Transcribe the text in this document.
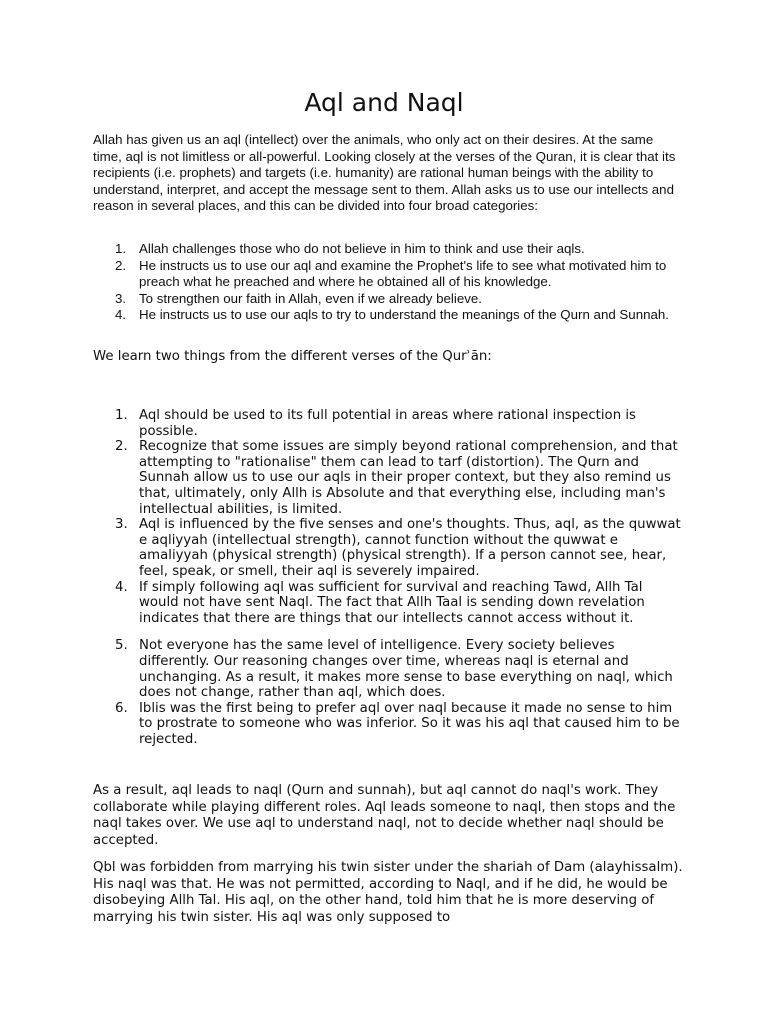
Aql and Naql

Allah has given us an aql (intellect) over the animals, who only act on their desires. At the same time, aql is not limitless or all-powerful. Looking closely at the verses of the Quran, it is clear that its recipients (i.e. prophets) and targets (i.e. humanity) are rational human beings with the ability to understand, interpret, and accept the message sent to them. Allah asks us to use our intellects and reason in several places, and this can be divided into four broad categories:

1. Allah challenges those who do not believe in him to think and use their aqls.
2. He instructs us to use our aql and examine the Prophet's life to see what motivated him to preach what he preached and where he obtained all of his knowledge.
3. To strengthen our faith in Allah, even if we already believe.
4. He instructs us to use our aqls to try to understand the meanings of the Qurn and Sunnah.

We learn two things from the different verses of the Qurʾān:

1. Aql should be used to its full potential in areas where rational inspection is possible.
2. Recognize that some issues are simply beyond rational comprehension, and that attempting to "rationalise" them can lead to tarf (distortion). The Qurn and Sunnah allow us to use our aqls in their proper context, but they also remind us that, ultimately, only Allh is Absolute and that everything else, including man's intellectual abilities, is limited.
3. Aql is influenced by the five senses and one's thoughts. Thus, aql, as the quwwat e aqliyyah (intellectual strength), cannot function without the quwwat e amaliyyah (physical strength) (physical strength). If a person cannot see, hear, feel, speak, or smell, their aql is severely impaired.
4. If simply following aql was sufficient for survival and reaching Tawd, Allh Tal would not have sent Naql. The fact that Allh Taal is sending down revelation indicates that there are things that our intellects cannot access without it.
5. Not everyone has the same level of intelligence. Every society believes differently. Our reasoning changes over time, whereas naql is eternal and unchanging. As a result, it makes more sense to base everything on naql, which does not change, rather than aql, which does.
6. Iblis was the first being to prefer aql over naql because it made no sense to him to prostrate to someone who was inferior. So it was his aql that caused him to be rejected.

As a result, aql leads to naql (Qurn and sunnah), but aql cannot do naql's work. They collaborate while playing different roles. Aql leads someone to naql, then stops and the naql takes over. We use aql to understand naql, not to decide whether naql should be accepted.

Qbl was forbidden from marrying his twin sister under the shariah of Dam (alayhissalm). His naql was that. He was not permitted, according to Naql, and if he did, he would be disobeying Allh Tal. His aql, on the other hand, told him that he is more deserving of marrying his twin sister. His aql was only supposed to
